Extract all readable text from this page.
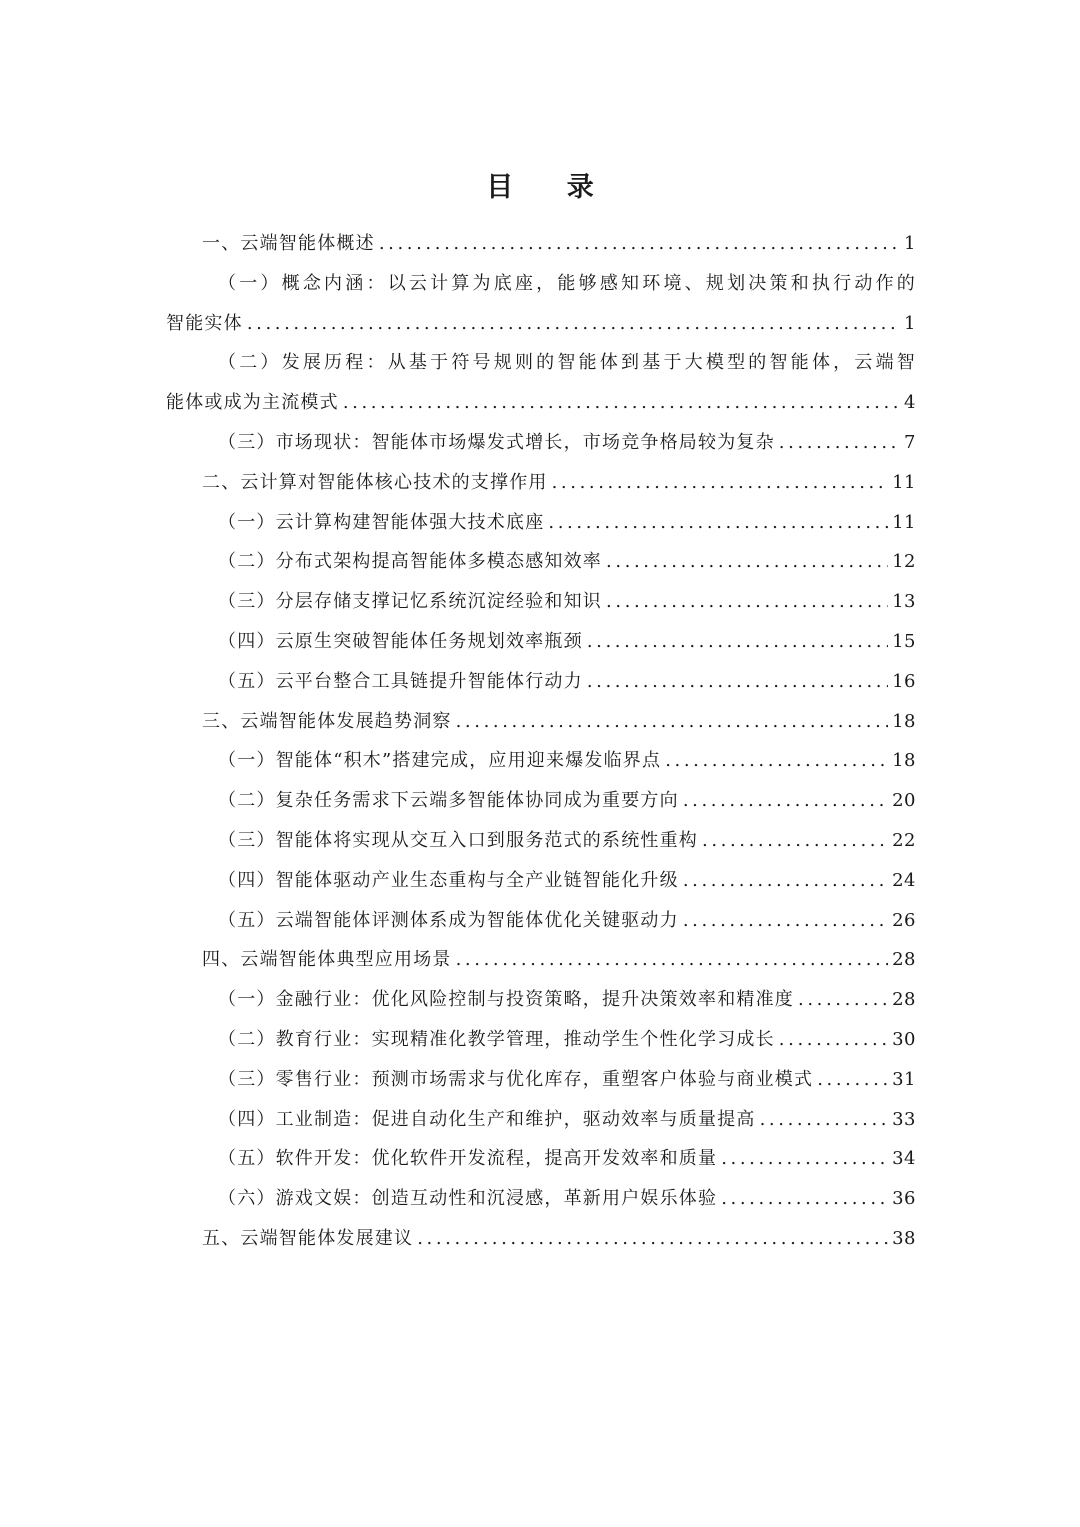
目 录
一、云端智能体概述 .....	1
（一）概念内涵：以云计算为底座，能够感知环境、规划决策和执行动作的
智能实体 .....	1
（二）发展历程：从基于符号规则的智能体到基于大模型的智能体，云端智
能体或成为主流模式 .....	4
（三）市场现状：智能体市场爆发式增长，市场竞争格局较为复杂 .....	7
二、云计算对智能体核心技术的支撑作用 .....	11
（一）云计算构建智能体强大技术底座 .....	11
（二）分布式架构提高智能体多模态感知效率 .....	12
（三）分层存储支撑记忆系统沉淀经验和知识 .....	13
（四）云原生突破智能体任务规划效率瓶颈 .....	15
（五）云平台整合工具链提升智能体行动力 .....	16
三、云端智能体发展趋势洞察 .....	18
（一）智能体“积木”搭建完成，应用迎来爆发临界点 .....	18
（二）复杂任务需求下云端多智能体协同成为重要方向 .....	20
（三）智能体将实现从交互入口到服务范式的系统性重构 .....	22
（四）智能体驱动产业生态重构与全产业链智能化升级 .....	24
（五）云端智能体评测体系成为智能体优化关键驱动力 .....	26
四、云端智能体典型应用场景 .....	28
（一）金融行业：优化风险控制与投资策略，提升决策效率和精准度 .....	28
（二）教育行业：实现精准化教学管理，推动学生个性化学习成长 .....	30
（三）零售行业：预测市场需求与优化库存，重塑客户体验与商业模式 .....	31
（四）工业制造：促进自动化生产和维护，驱动效率与质量提高 .....	33
（五）软件开发：优化软件开发流程，提高开发效率和质量 .....	34
（六）游戏文娱：创造互动性和沉浸感，革新用户娱乐体验 .....	36
五、云端智能体发展建议 .....	38
